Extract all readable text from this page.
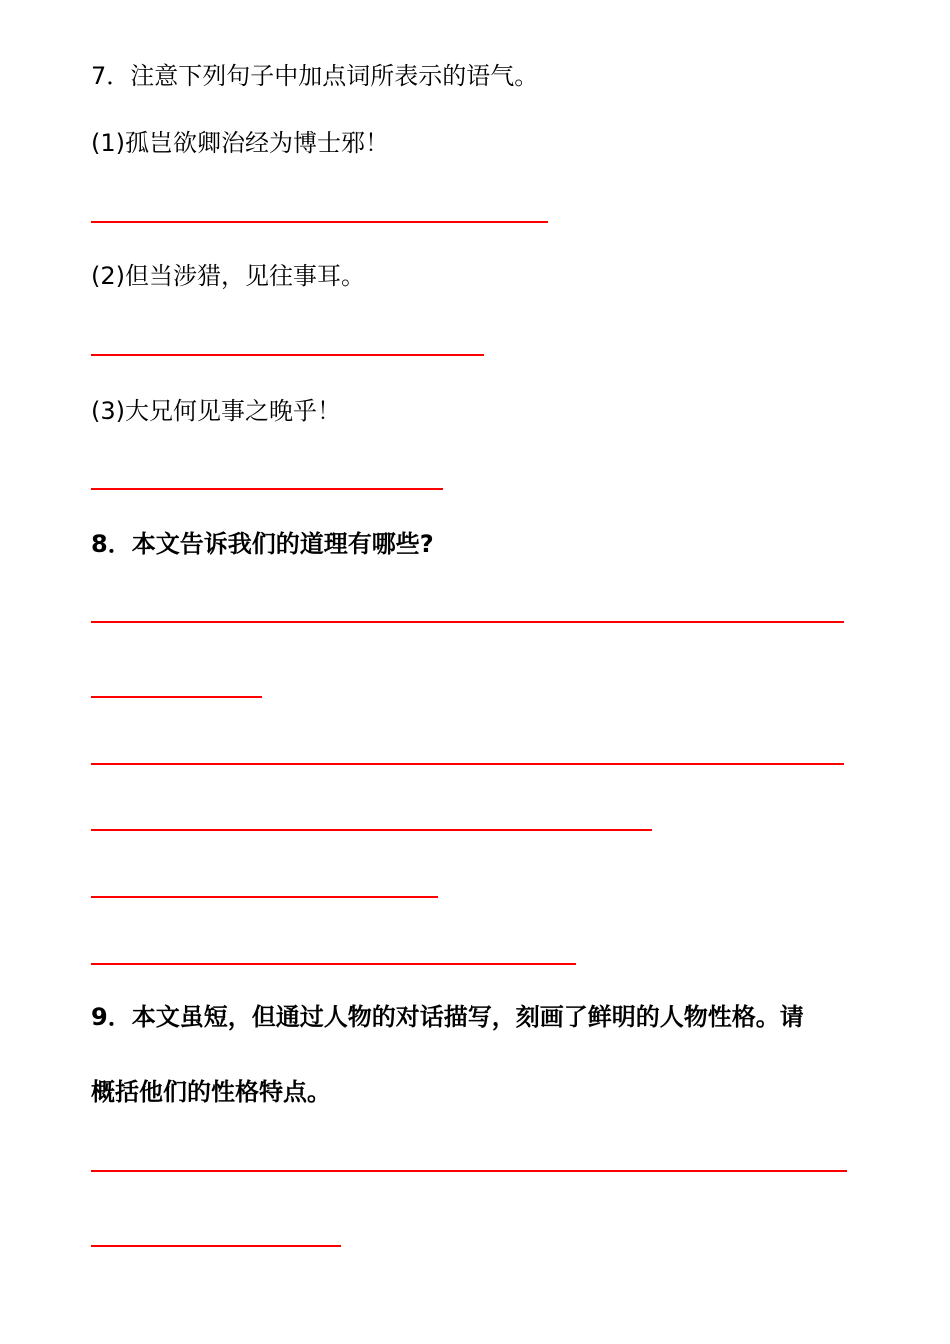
7．注意下列句子中加点词所表示的语气。
(1)孤岂欲卿治经为博士邪！
(2)但当涉猎，见往事耳。
(3)大兄何见事之晚乎！
8．本文告诉我们的道理有哪些?
9．本文虽短，但通过人物的对话描写，刻画了鲜明的人物性格。请
概括他们的性格特点。
